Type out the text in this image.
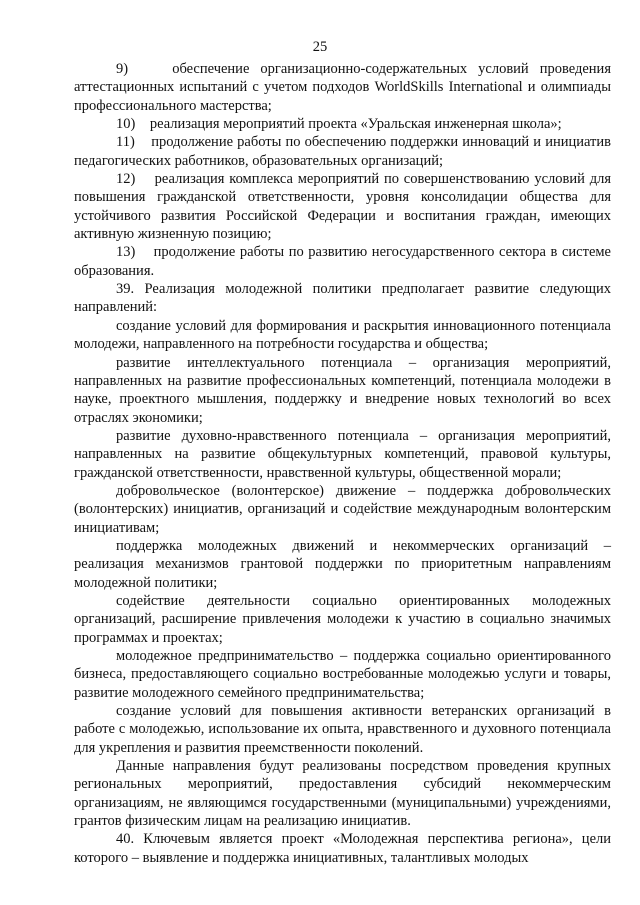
25

9)    обеспечение организационно-содержательных условий проведения аттестационных испытаний с учетом подходов WorldSkills International и олимпиады профессионального мастерства;

10)    реализация мероприятий проекта «Уральская инженерная школа»;

11)    продолжение работы по обеспечению поддержки инноваций и инициатив педагогических работников, образовательных организаций;

12)    реализация комплекса мероприятий по совершенствованию условий для повышения гражданской ответственности, уровня консолидации общества для устойчивого развития Российской Федерации и воспитания граждан, имеющих активную жизненную позицию;

13)    продолжение работы по развитию негосударственного сектора в системе образования.

39. Реализация молодежной политики предполагает развитие следующих направлений:

создание условий для формирования и раскрытия инновационного потенциала молодежи, направленного на потребности государства и общества;

развитие интеллектуального потенциала – организация мероприятий, направленных на развитие профессиональных компетенций, потенциала молодежи в науке, проектного мышления, поддержку и внедрение новых технологий во всех отраслях экономики;

развитие духовно-нравственного потенциала – организация мероприятий, направленных на развитие общекультурных компетенций, правовой культуры, гражданской ответственности, нравственной культуры, общественной морали;

добровольческое (волонтерское) движение – поддержка добровольческих (волонтерских) инициатив, организаций и содействие международным волонтерским инициативам;

поддержка молодежных движений и некоммерческих организаций – реализация механизмов грантовой поддержки по приоритетным направлениям молодежной политики;

содействие деятельности социально ориентированных молодежных организаций, расширение привлечения молодежи к участию в социально значимых программах и проектах;

молодежное предпринимательство – поддержка социально ориентированного бизнеса, предоставляющего социально востребованные молодежью услуги и товары, развитие молодежного семейного предпринимательства;

создание условий для повышения активности ветеранских организаций в работе с молодежью, использование их опыта, нравственного и духовного потенциала для укрепления и развития преемственности поколений.

Данные направления будут реализованы посредством проведения крупных региональных мероприятий, предоставления субсидий некоммерческим организациям, не являющимся государственными (муниципальными) учреждениями, грантов физическим лицам на реализацию инициатив.

40. Ключевым является проект «Молодежная перспектива региона», цели которого – выявление и поддержка инициативных, талантливых молодых
